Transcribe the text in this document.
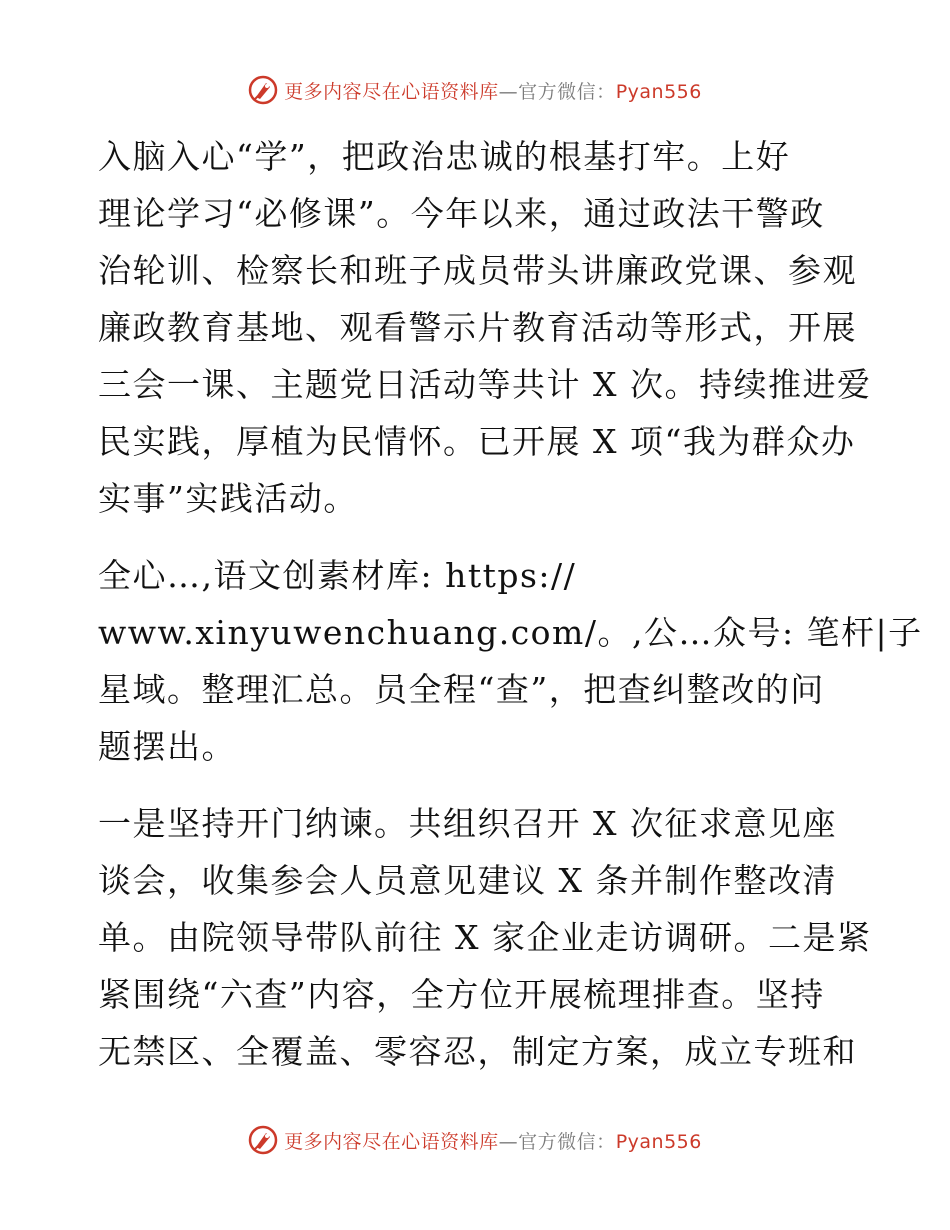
更多内容尽在心语资料库—官方微信：Pyan556
入脑入心“学”，把政治忠诚的根基打牢。上好
理论学习“必修课”。今年以来，通过政法干警政
治轮训、检察长和班子成员带头讲廉政党课、参观
廉政教育基地、观看警示片教育活动等形式，开展
三会一课、主题党日活动等共计 X 次。持续推进爱
民实践，厚植为民情怀。已开展 X 项“我为群众办
实事”实践活动。
全心…,语文创素材库: https://
www.xinyuwenchuang.com/。,公…众号: 笔杆|子
星域。整理汇总。员全程“查”，把查纠整改的问
题摆出。
一是坚持开门纳谏。共组织召开 X 次征求意见座
谈会，收集参会人员意见建议 X 条并制作整改清
单。由院领导带队前往 X 家企业走访调研。二是紧
紧围绕“六查”内容，全方位开展梳理排查。坚持
无禁区、全覆盖、零容忍，制定方案，成立专班和
更多内容尽在心语资料库—官方微信：Pyan556
